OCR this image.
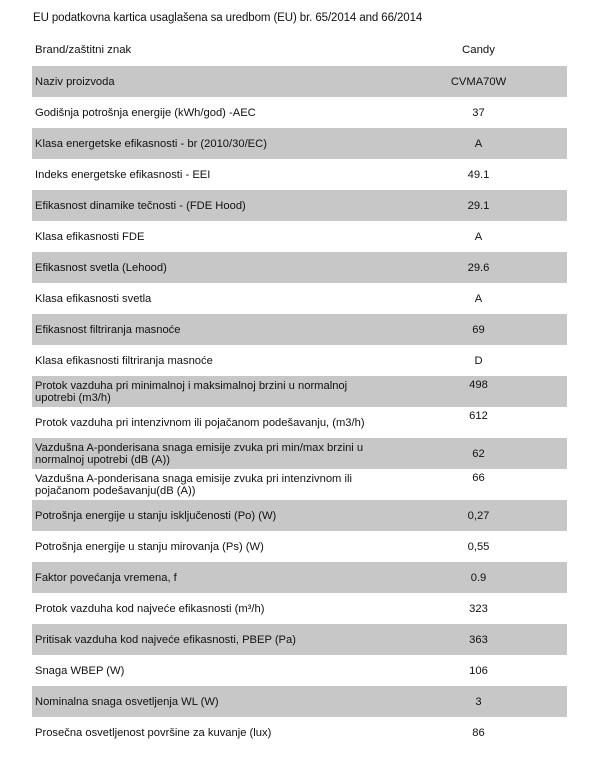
EU podatkovna kartica usaglašena sa uredbom (EU) br. 65/2014 and 66/2014
Brand/zaštitni znak	Candy
Naziv proizvoda	CVMA70W
Godišnja potrošnja energije (kWh/god) -AEC	37
Klasa energetske efikasnosti - br (2010/30/EC)	A
Indeks energetske efikasnosti - EEI	49.1
Efikasnost dinamike tečnosti - (FDE Hood)	29.1
Klasa efikasnosti FDE	A
Efikasnost svetla (Lehood)	29.6
Klasa efikasnosti svetla	A
Efikasnost filtriranja masnoće	69
Klasa efikasnosti filtriranja masnoće	D
Protok vazduha pri minimalnoj i maksimalnoj brzini u normalnoj upotrebi (m3/h)	498
Protok vazduha pri intenzivnom ili pojačanom podešavanju, (m3/h)	612
Vazdušna A-ponderisana snaga emisije zvuka pri min/max brzini u normalnoj upotrebi (dB (A))	62
Vazdušna A-ponderisana snaga emisije zvuka pri intenzivnom ili pojačanom podešavanju(dB (A))	66
Potrošnja energije u stanju isključenosti (Po) (W)	0,27
Potrošnja energije u stanju mirovanja (Ps) (W)	0,55
Faktor povećanja vremena, f	0.9
Protok vazduha kod najveće efikasnosti (m³/h)	323
Pritisak vazduha kod najveće efikasnosti, PBEP (Pa)	363
Snaga WBEP (W)	106
Nominalna snaga osvetljenja WL (W)	3
Prosečna osvetljenost površine za kuvanje (lux)	86
